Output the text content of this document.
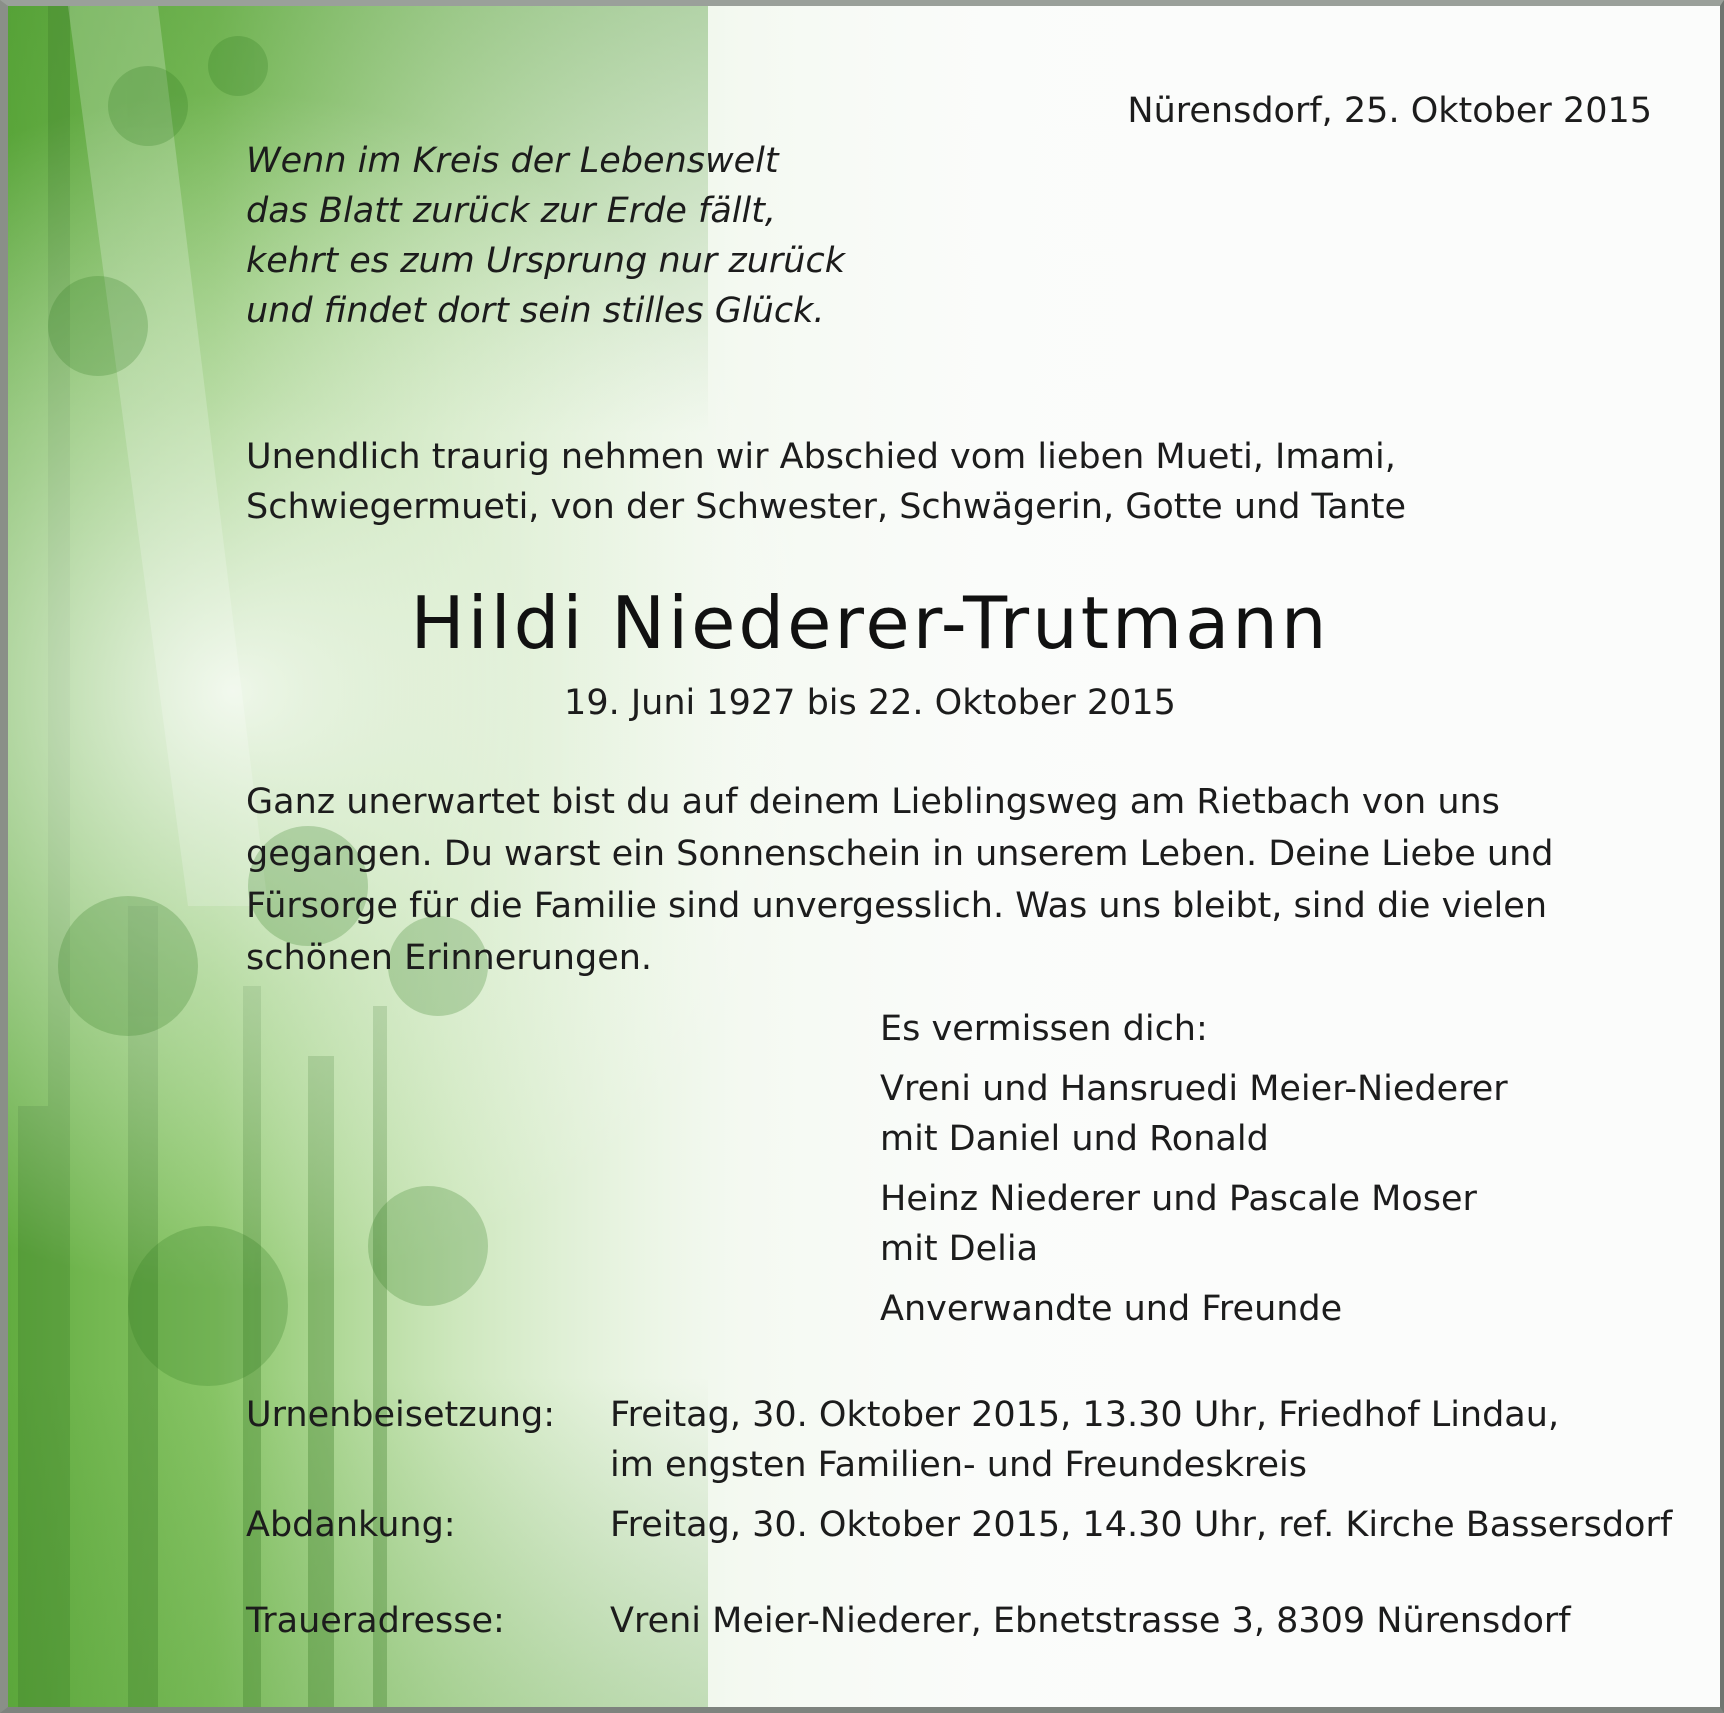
Nürensdorf, 25. Oktober 2015
Wenn im Kreis der Lebenswelt
das Blatt zurück zur Erde fällt,
kehrt es zum Ursprung nur zurück
und findet dort sein stilles Glück.
Unendlich traurig nehmen wir Abschied vom lieben Mueti, Imami,
Schwiegermueti, von der Schwester, Schwägerin, Gotte und Tante
Hildi Niederer-Trutmann
19. Juni 1927 bis 22. Oktober 2015
Ganz unerwartet bist du auf deinem Lieblingsweg am Rietbach von uns
gegangen. Du warst ein Sonnenschein in unserem Leben. Deine Liebe und
Fürsorge für die Familie sind unvergesslich. Was uns bleibt, sind die vielen
schönen Erinnerungen.
Es vermissen dich:
Vreni und Hansruedi Meier-Niederer
mit Daniel und Ronald
Heinz Niederer und Pascale Moser
mit Delia
Anverwandte und Freunde
Urnenbeisetzung: Freitag, 30. Oktober 2015, 13.30 Uhr, Friedhof Lindau,
im engsten Familien- und Freundeskreis
Abdankung:	Freitag, 30. Oktober 2015, 14.30 Uhr, ref. Kirche Bassersdorf
Traueradresse:	Vreni Meier-Niederer, Ebnetstrasse 3, 8309 Nürensdorf
